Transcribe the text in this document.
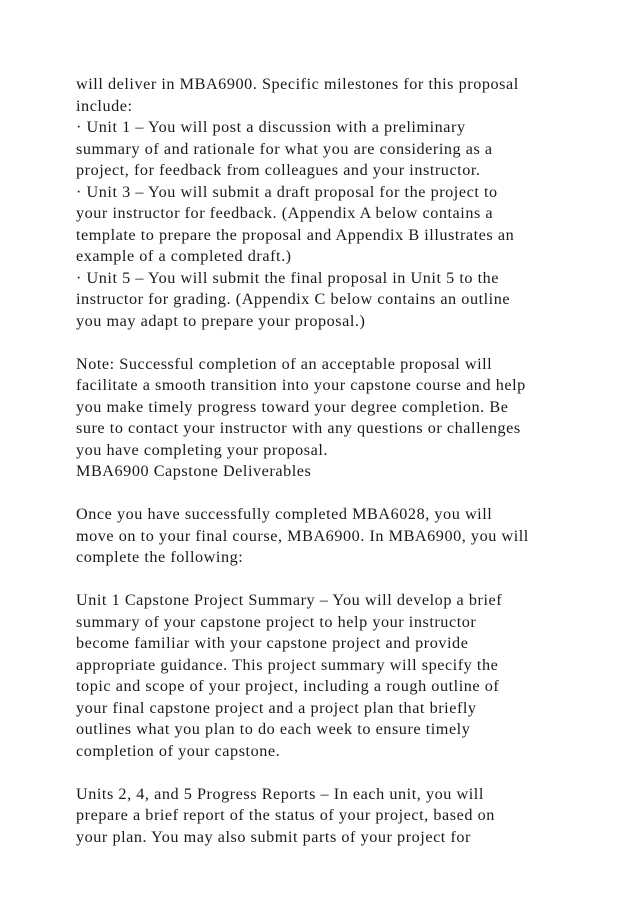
will deliver in MBA6900. Specific milestones for this proposal
include:
· Unit 1 – You will post a discussion with a preliminary
summary of and rationale for what you are considering as a
project, for feedback from colleagues and your instructor.
· Unit 3 – You will submit a draft proposal for the project to
your instructor for feedback. (Appendix A below contains a
template to prepare the proposal and Appendix B illustrates an
example of a completed draft.)
· Unit 5 – You will submit the final proposal in Unit 5 to the
instructor for grading. (Appendix C below contains an outline
you may adapt to prepare your proposal.)
Note: Successful completion of an acceptable proposal will
facilitate a smooth transition into your capstone course and help
you make timely progress toward your degree completion. Be
sure to contact your instructor with any questions or challenges
you have completing your proposal.
MBA6900 Capstone Deliverables
Once you have successfully completed MBA6028, you will
move on to your final course, MBA6900. In MBA6900, you will
complete the following:
Unit 1 Capstone Project Summary – You will develop a brief
summary of your capstone project to help your instructor
become familiar with your capstone project and provide
appropriate guidance. This project summary will specify the
topic and scope of your project, including a rough outline of
your final capstone project and a project plan that briefly
outlines what you plan to do each week to ensure timely
completion of your capstone.
Units 2, 4, and 5 Progress Reports – In each unit, you will
prepare a brief report of the status of your project, based on
your plan. You may also submit parts of your project for
